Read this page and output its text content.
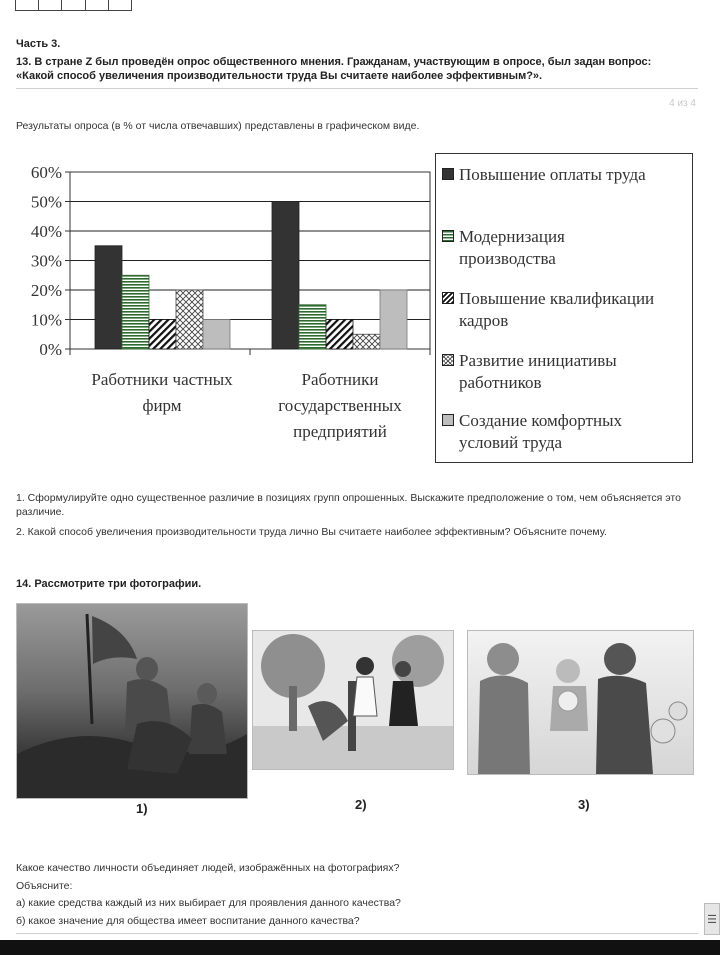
Часть 3.
13. В стране Z был проведён опрос общественного мнения. Гражданам, участвующим в опросе, был задан вопрос:
«Какой способ увеличения производительности труда Вы считаете наиболее эффективным?».
4 из 4
Результаты опроса (в % от числа отвечавших) представлены в графическом виде.
0%
10%
20%
30%
40%
50%
60%
Работники частных
фирм
Работники
государственных
предприятий
Повышение оплаты труда
Модернизация
производства
Повышение квалификации
кадров
Развитие инициативы
работников
Создание комфортных
условий труда

1. Сформулируйте одно существенное различие в позициях групп опрошенных. Выскажите предположение о том, чем объясняется это различие.

2. Какой способ увеличения производительности труда лично Вы считаете наиболее эффективным? Объясните почему.

14. Рассмотрите три фотографии.
1)	2)	3)
Какое качество личности объединяет людей, изображённых на фотографиях?
Объясните:
а) какие средства каждый из них выбирает для проявления данного качества?
б) какое значение для общества имеет воспитание данного качества?	☰
